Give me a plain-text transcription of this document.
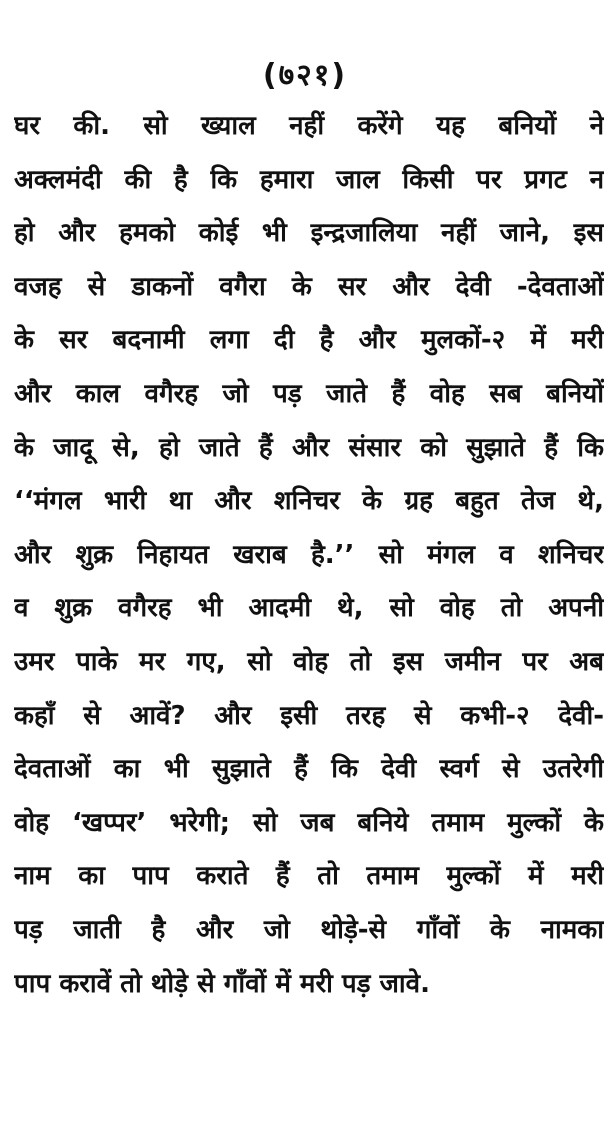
(७२१)
घर की. सो ख्याल नहीं करेंगे यह बनियों ने
अक्लमंदी की है कि हमारा जाल किसी पर प्रगट न
हो और हमको कोई भी इन्द्रजालिया नहीं जाने, इस
वजह से डाकनों वगैरा के सर और देवी -देवताओं
के सर बदनामी लगा दी है और मुलकों-२ में मरी
और काल वगैरह जो पड़ जाते हैं वोह सब बनियों
के जादू से, हो जाते हैं और संसार को सुझाते हैं कि
‘‘मंगल भारी था और शनिचर के ग्रह बहुत तेज थे,
और शुक्र निहायत खराब है.’’ सो मंगल व शनिचर
व शुक्र वगैरह भी आदमी थे, सो वोह तो अपनी
उमर पाके मर गए, सो वोह तो इस जमीन पर अब
कहाँ से आवें? और इसी तरह से कभी-२ देवी-
देवताओं का भी सुझाते हैं कि देवी स्वर्ग से उतरेगी
वोह ‘खप्पर’ भरेगी; सो जब बनिये तमाम मुल्कों के
नाम का पाप कराते हैं तो तमाम मुल्कों में मरी
पड़ जाती है और जो थोड़े-से गाँवों के नामका
पाप करावें तो थोड़े से गाँवों में मरी पड़ जावे.
